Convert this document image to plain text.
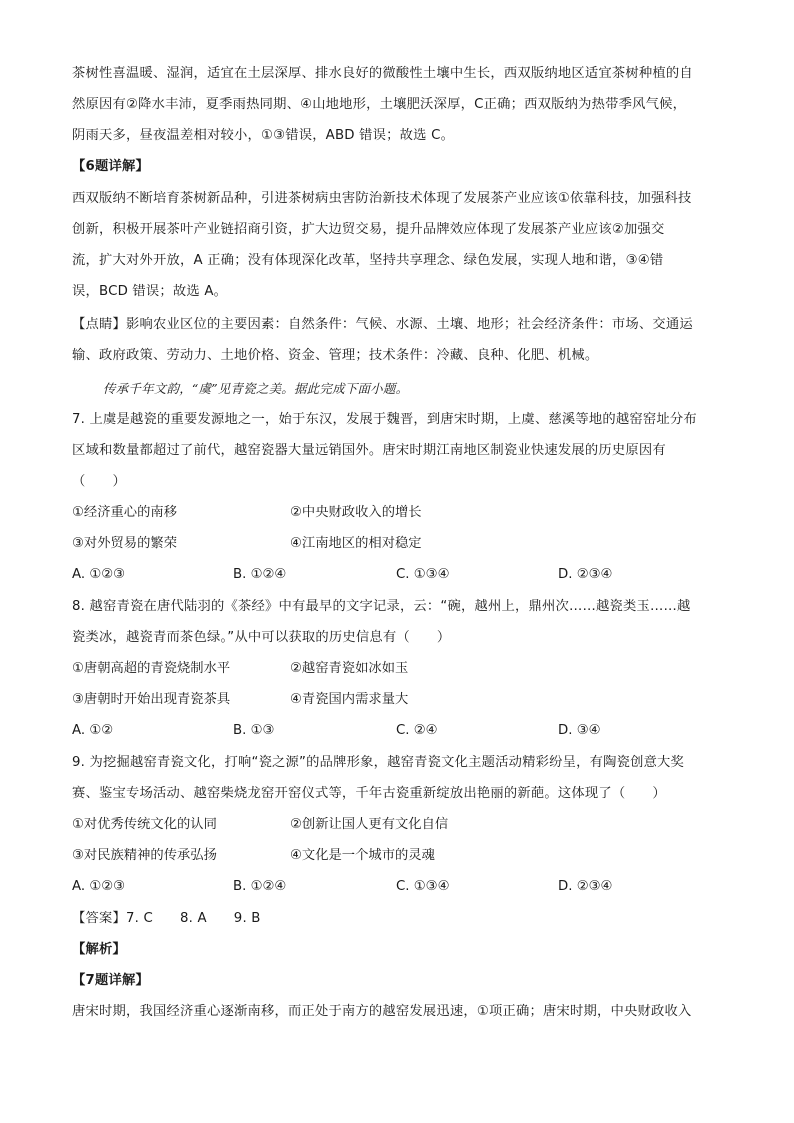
茶树性喜温暖、湿润，适宜在土层深厚、排水良好的微酸性土壤中生长，西双版纳地区适宜茶树种植的自
然原因有②降水丰沛，夏季雨热同期、④山地地形，土壤肥沃深厚，C正确；西双版纳为热带季风气候，
阴雨天多，昼夜温差相对较小，①③错误，ABD 错误；故选 C。
【6题详解】
西双版纳不断培育茶树新品种，引进茶树病虫害防治新技术体现了发展茶产业应该①依靠科技，加强科技
创新，积极开展茶叶产业链招商引资，扩大边贸交易，提升品牌效应体现了发展茶产业应该②加强交
流，扩大对外开放，A 正确；没有体现深化改革，坚持共享理念、绿色发展，实现人地和谐，③④错
误，BCD 错误；故选 A。
【点睛】影响农业区位的主要因素：自然条件：气候、水源、土壤、地形；社会经济条件：市场、交通运
输、政府政策、劳动力、土地价格、资金、管理；技术条件：冷藏、良种、化肥、机械。
传承千年文韵，“虞”见青瓷之美。据此完成下面小题。
7. 上虞是越瓷的重要发源地之一，始于东汉，发展于魏晋，到唐宋时期，上虞、慈溪等地的越窑窑址分布
区域和数量都超过了前代，越窑瓷器大量远销国外。唐宋时期江南地区制瓷业快速发展的历史原因有
（　　）
①经济重心的南移	②中央财政收入的增长
③对外贸易的繁荣	④江南地区的相对稳定
A. ①②③	B. ①②④	C. ①③④	D. ②③④
8. 越窑青瓷在唐代陆羽的《茶经》中有最早的文字记录，云：“碗，越州上，鼎州次……越瓷类玉……越
瓷类冰，越瓷青而茶色绿。”从中可以获取的历史信息有（　　）
①唐朝高超的青瓷烧制水平	②越窑青瓷如冰如玉
③唐朝时开始出现青瓷茶具	④青瓷国内需求量大
A. ①②	B. ①③	C. ②④	D. ③④
9. 为挖掘越窑青瓷文化，打响“瓷之源”的品牌形象，越窑青瓷文化主题活动精彩纷呈，有陶瓷创意大奖
赛、鉴宝专场活动、越窑柴烧龙窑开窑仪式等，千年古瓷重新绽放出艳丽的新葩。这体现了（　　）
①对优秀传统文化的认同	②创新让国人更有文化自信
③对民族精神的传承弘扬	④文化是一个城市的灵魂
A. ①②③	B. ①②④	C. ①③④	D. ②③④
【答案】7. C　　8. A　　9. B
【解析】
【7题详解】
唐宋时期，我国经济重心逐渐南移，而正处于南方的越窑发展迅速，①项正确；唐宋时期，中央财政收入
